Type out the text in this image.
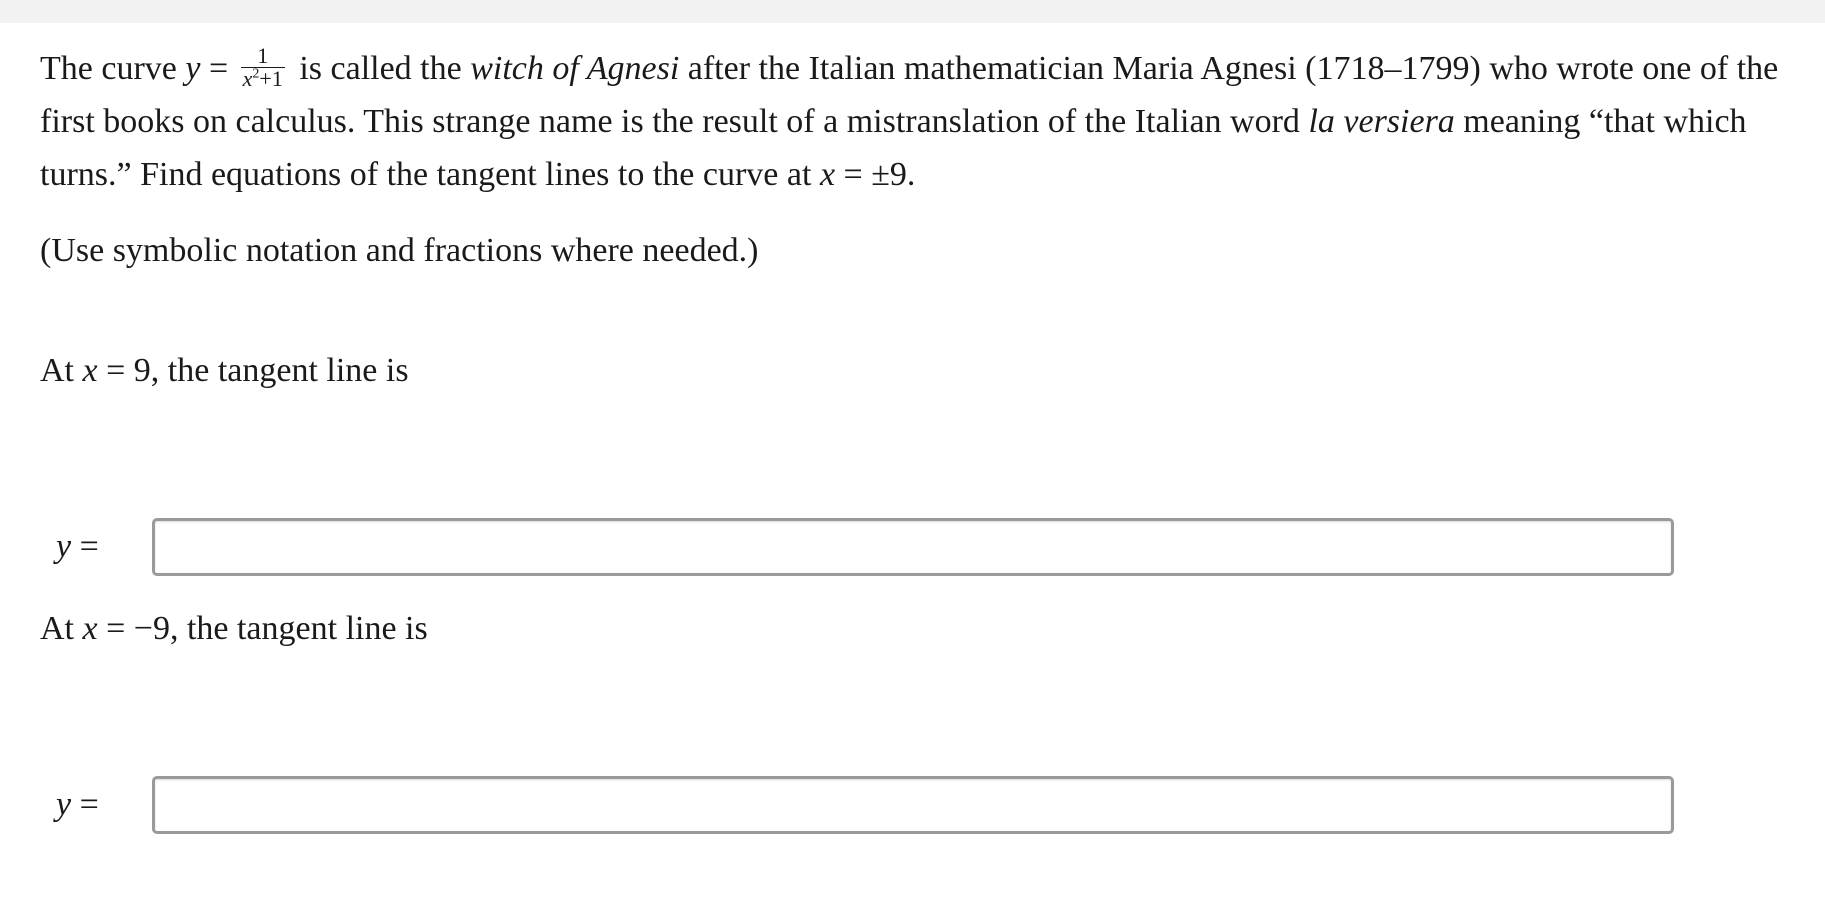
The curve $y = \frac{1}{x^2+1}$ is called the witch of Agnesi after the Italian mathematician Maria Agnesi (1718–1799) who wrote one of the first books on calculus. This strange name is the result of a mistranslation of the Italian word la versiera meaning “that which turns.” Find equations of the tangent lines to the curve at x = ±9.

(Use symbolic notation and fractions where needed.)

At x = 9, the tangent line is

y =

At x = −9, the tangent line is

y =
